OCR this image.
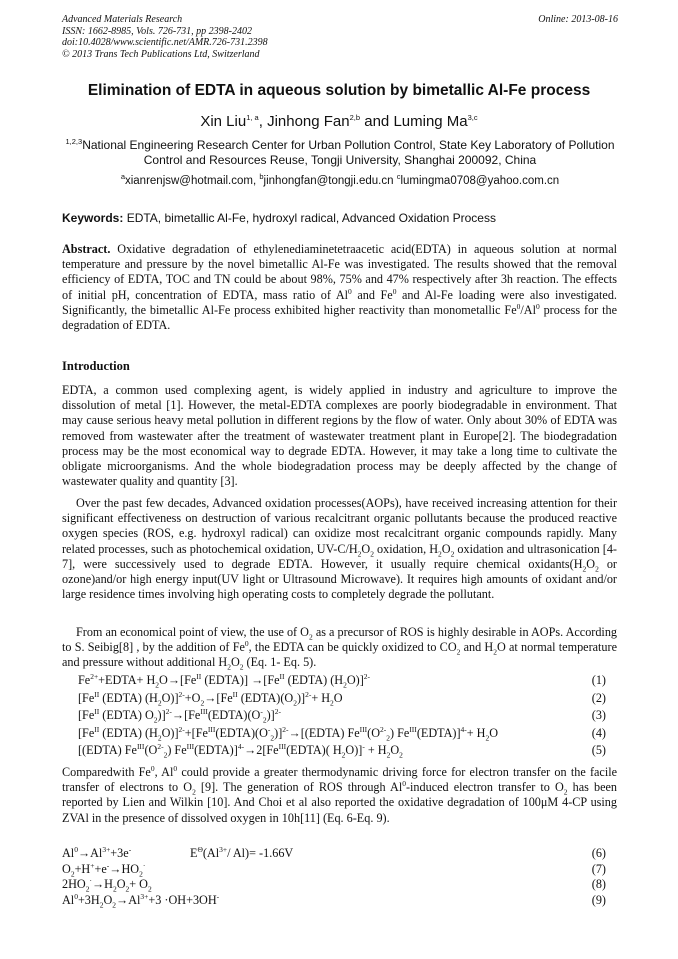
Advanced Materials Research
ISSN: 1662-8985, Vols. 726-731, pp 2398-2402
doi:10.4028/www.scientific.net/AMR.726-731.2398
© 2013 Trans Tech Publications Ltd, Switzerland
Online: 2013-08-16
Elimination of EDTA in aqueous solution by bimetallic Al-Fe process
Xin Liu$^{1, a}$, Jinhong Fan$^{2,b}$ and Luming Ma$^{3,c}$
$^{1,2,3}$National Engineering Research Center for Urban Pollution Control, State Key Laboratory of Pollution Control and Resources Reuse, Tongji University, Shanghai 200092, China
$^a$xianrenjsw@hotmail.com, $^b$jinhongfan@tongji.edu.cn $^c$lumingma0708@yahoo.com.cn
Keywords: EDTA, bimetallic Al-Fe, hydroxyl radical, Advanced Oxidation Process
Abstract. Oxidative degradation of ethylenediaminetetraacetic acid(EDTA) in aqueous solution at normal temperature and pressure by the novel bimetallic Al-Fe was investigated. The results showed that the removal efficiency of EDTA, TOC and TN could be about 98%, 75% and 47% respectively after 3h reaction. The effects of initial pH, concentration of EDTA, mass ratio of Al$^0$ and Fe$^0$ and Al-Fe loading were also investigated. Significantly, the bimetallic Al-Fe process exhibited higher reactivity than monometallic Fe$^0$/Al$^0$ process for the degradation of EDTA.
Introduction
EDTA, a common used complexing agent, is widely applied in industry and agriculture to improve the dissolution of metal [1]. However, the metal-EDTA complexes are poorly biodegradable in environment. That may cause serious heavy metal pollution in different regions by the flow of water. Only about 30% of EDTA was removed from wastewater after the treatment of wastewater treatment plant in Europe[2]. The biodegradation process may be the most economical way to degrade EDTA. However, it may take a long time to cultivate the obligate microorganisms. And the whole biodegradation process may be deeply affected by the change of wastewater quality and quantity [3].
Over the past few decades, Advanced oxidation processes(AOPs), have received increasing attention for their significant effectiveness on destruction of various recalcitrant organic pollutants because the produced reactive oxygen species (ROS, e.g. hydroxyl radical) can oxidize most recalcitrant organic compounds rapidly. Many related processes, such as photochemical oxidation, $UV-C/H_2O_2$ oxidation, $H_2O_2$ oxidation and ultrasonication [4-7], were successively used to degrade EDTA. However, it usually require chemical $oxidants(H_2O_2$ or ozone)and/or high energy input(UV light or Ultrasound Microwave). It requires high amounts of oxidant and/or large residence times involving high operating costs to completely degrade the pollutant.
From an economical point of view, the use of $O_2$ as a precursor of ROS is highly desirable in AOPs. According to S. Seibig[8] , by the addition of Fe$^0$, the EDTA can be quickly oxidized to $CO_2$ and $H_2O$ at normal temperature and pressure without additional $H_2O_2$ (Eq. 1- Eq. 5).
$Fe^{2+}+EDTA+ H_2O\to[Fe^{II}$ (EDTA)] $\to[Fe^{II}$ (EDTA) $(H_2O)]^{2-}$	(1)
[$Fe^{II}$ (EDTA) $(H_2O)]^{2-}+O_2\to[Fe^{II}$ $(EDTA)(O_2)]^{2-}+ H_2O$	(2)
[$Fe^{II}$ (EDTA) $O_2)]^{2-}\to[Fe^{III}(EDTA)(O^-_2)]^{2-}$	(3)
[$Fe^{II}$ (EDTA) $(H_2O)]^{2-}+[Fe^{III}(EDTA)(O^-_2)]^{2-}\to[(EDTA)$ $Fe^{III}(O^{2-}_2)$ $Fe^{III}(EDTA)]^{4-}+ H_2O$	(4)
[(EDTA) $Fe^{III}(O^{2-}_2)$ $Fe^{III}(EDTA)]^{4-}\to 2[Fe^{III}(EDTA)$( $H_2O)]^- + H_2O_2$	(5)
Comparedwith Fe$^0$, Al$^0$ could provide a greater thermodynamic driving force for electron transfer on the facile transfer of electrons to $O_2$ [9]. The generation of ROS through Al$^0$-induced electron transfer to $O_2$ has been reported by Lien and Wilkin [10]. And Choi et al also reported the oxidative degradation of 100μM 4-CP using ZVAl in the presence of dissolved oxygen in 10h[11] (Eq. 6-Eq. 9).
$Al^0\to Al^{3+}+3e^-$	$E^\Theta(Al^{3+}/$ Al)= -1.66V	(6)
$O_2+H^++e^-\to HO_2^\cdot$	(7)
$2HO_2^\cdot\to H_2O_2+ O_2$	(8)
$Al^0+3H_2O_2\to Al^{3+}+3 \cdot OH+3OH^-$	(9)
